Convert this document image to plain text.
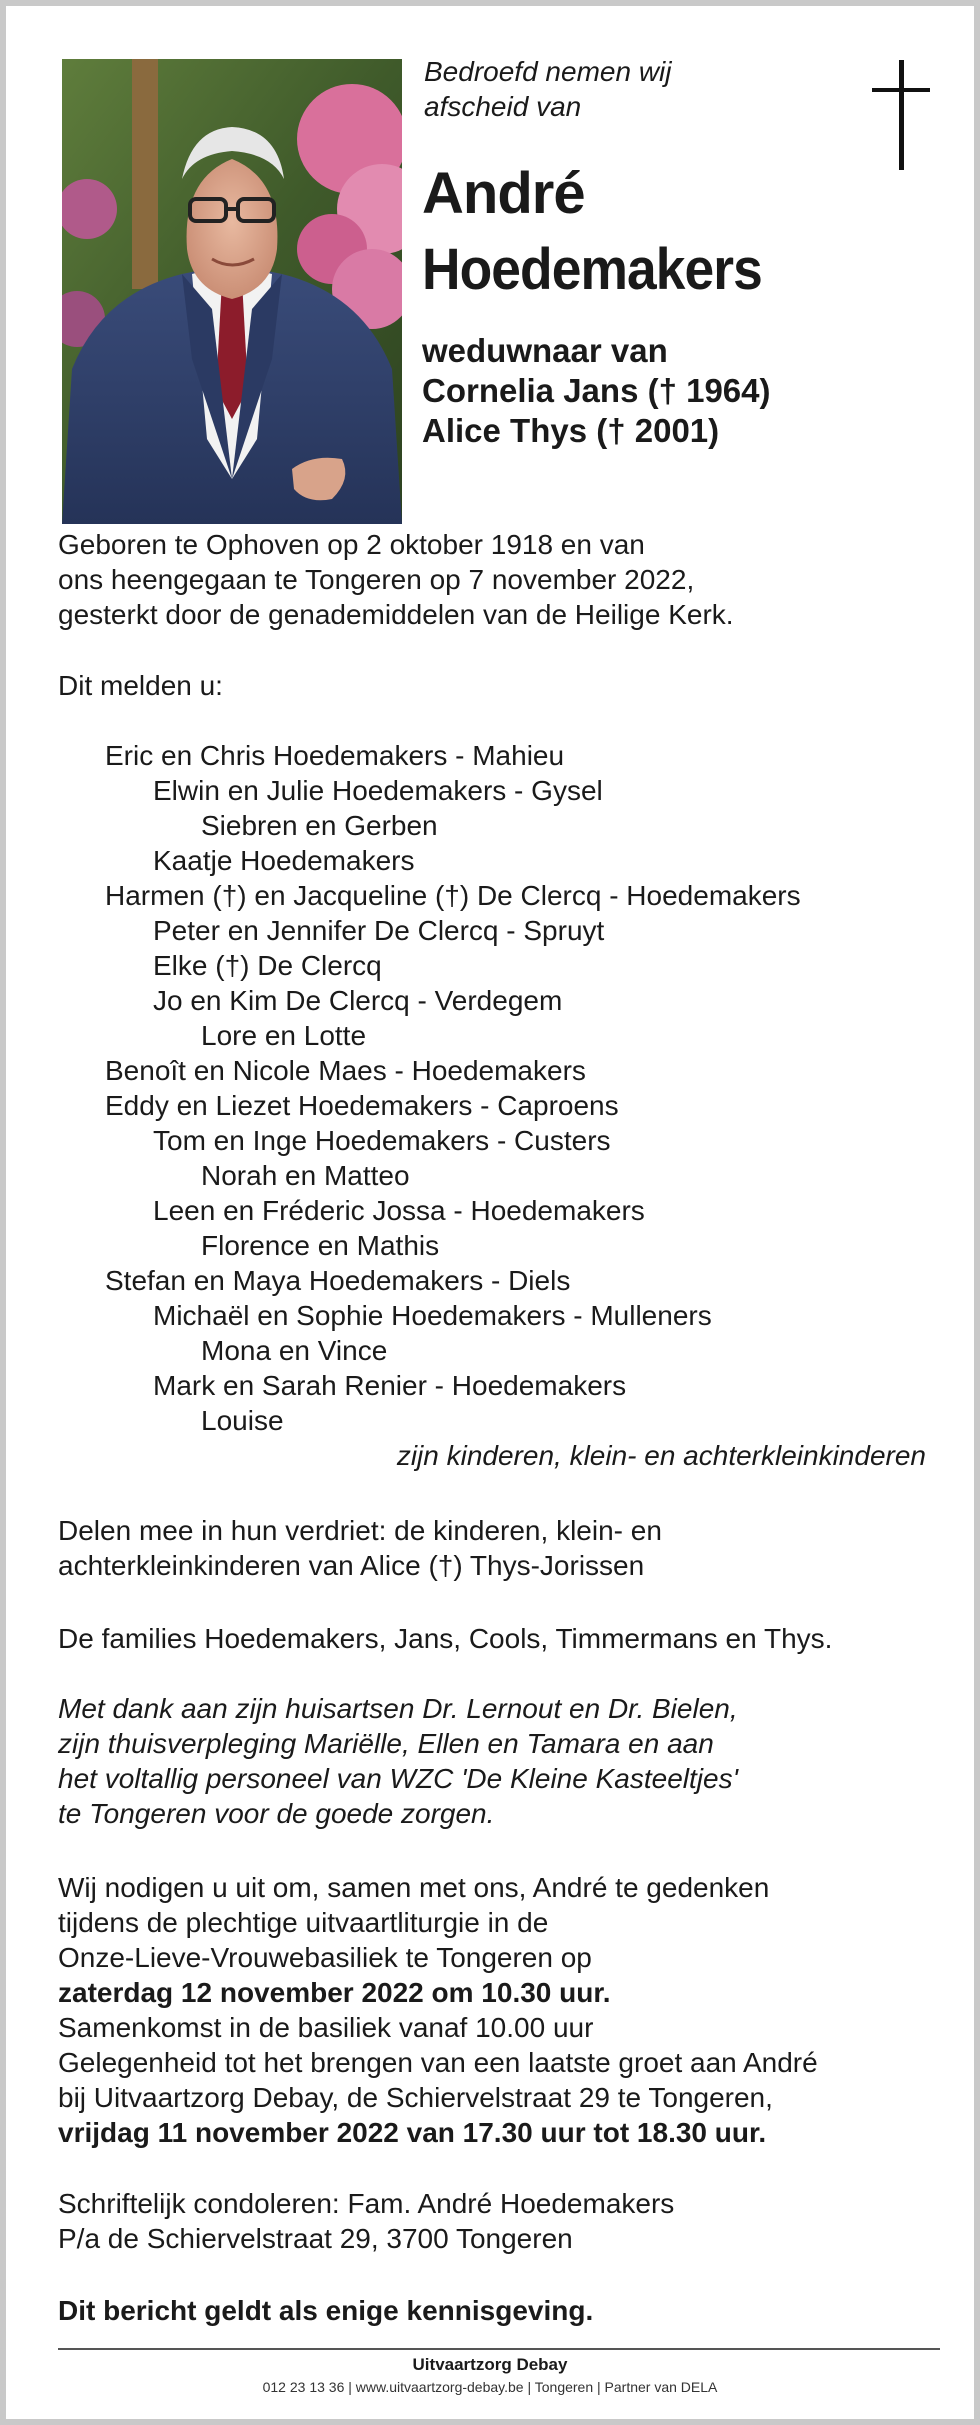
Bedroefd nemen wij
afscheid van
André
Hoedemakers
weduwnaar van
Cornelia Jans († 1964)
Alice Thys († 2001)
Geboren te Ophoven op 2 oktober 1918 en van
ons heengegaan te Tongeren op 7 november 2022,
gesterkt door de genademiddelen van de Heilige Kerk.
Dit melden u:
Eric en Chris Hoedemakers - Mahieu
Elwin en Julie Hoedemakers - Gysel
Siebren en Gerben
Kaatje Hoedemakers
Harmen (†) en Jacqueline (†) De Clercq - Hoedemakers
Peter en Jennifer De Clercq - Spruyt
Elke (†) De Clercq
Jo en Kim De Clercq - Verdegem
Lore en Lotte
Benoît en Nicole Maes - Hoedemakers
Eddy en Liezet Hoedemakers - Caproens
Tom en Inge Hoedemakers - Custers
Norah en Matteo
Leen en Fréderic Jossa - Hoedemakers
Florence en Mathis
Stefan en Maya Hoedemakers - Diels
Michaël en Sophie Hoedemakers - Mulleners
Mona en Vince
Mark en Sarah Renier - Hoedemakers
Louise
zijn kinderen, klein- en achterkleinkinderen
Delen mee in hun verdriet: de kinderen, klein- en
achterkleinkinderen van Alice (†) Thys-Jorissen
De families Hoedemakers, Jans, Cools, Timmermans en Thys.
Met dank aan zijn huisartsen Dr. Lernout en Dr. Bielen,
zijn thuisverpleging Mariëlle, Ellen en Tamara en aan
het voltallig personeel van WZC 'De Kleine Kasteeltjes'
te Tongeren voor de goede zorgen.
Wij nodigen u uit om, samen met ons, André te gedenken
tijdens de plechtige uitvaartliturgie in de
Onze-Lieve-Vrouwebasiliek te Tongeren op
zaterdag 12 november 2022 om 10.30 uur.
Samenkomst in de basiliek vanaf 10.00 uur
Gelegenheid tot het brengen van een laatste groet aan André
bij Uitvaartzorg Debay, de Schiervelstraat 29 te Tongeren,
vrijdag 11 november 2022 van 17.30 uur tot 18.30 uur.
Schriftelijk condoleren: Fam. André Hoedemakers
P/a de Schiervelstraat 29, 3700 Tongeren
Dit bericht geldt als enige kennisgeving.
Uitvaartzorg Debay
012 23 13 36 | www.uitvaartzorg-debay.be | Tongeren | Partner van DELA
